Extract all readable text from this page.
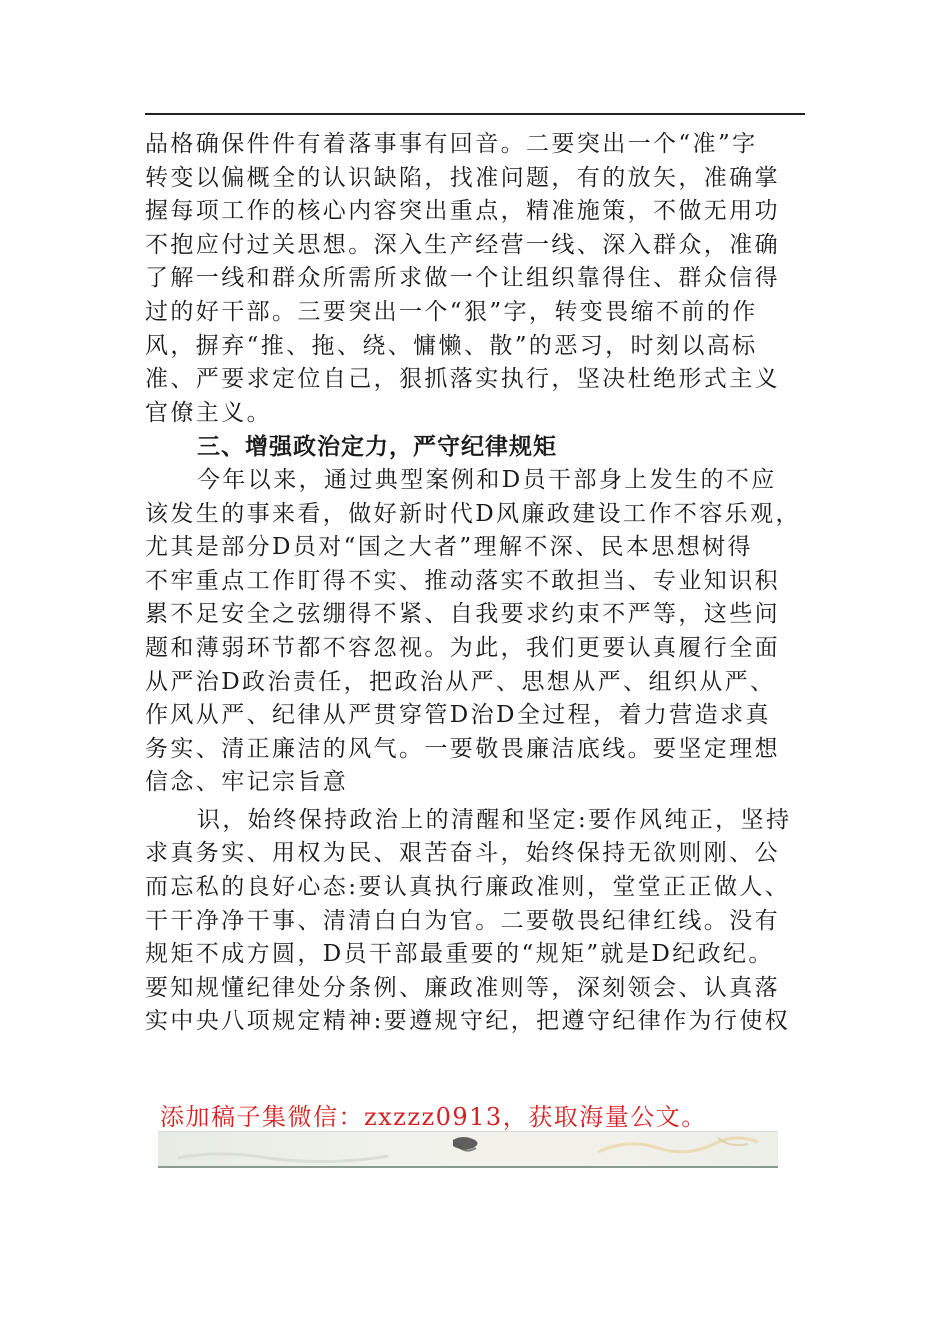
品格确保件件有着落事事有回音。二要突出一个“准”字
转变以偏概全的认识缺陷，找准问题，有的放矢，准确掌
握每项工作的核心内容突出重点，精准施策，不做无用功
不抱应付过关思想。深入生产经营一线、深入群众，准确
了解一线和群众所需所求做一个让组织靠得住、群众信得
过的好干部。三要突出一个“狠”字，转变畏缩不前的作
风，摒弃“推、拖、绕、慵懒、散”的恶习，时刻以高标
准、严要求定位自己，狠抓落实执行，坚决杜绝形式主义
官僚主义。
三、增强政治定力，严守纪律规矩
今年以来，通过典型案例和D员干部身上发生的不应
该发生的事来看，做好新时代D风廉政建设工作不容乐观，
尤其是部分D员对“国之大者”理解不深、民本思想树得
不牢重点工作盯得不实、推动落实不敢担当、专业知识积
累不足安全之弦绷得不紧、自我要求约束不严等，这些问
题和薄弱环节都不容忽视。为此，我们更要认真履行全面
从严治D政治责任，把政治从严、思想从严、组织从严、
作风从严、纪律从严贯穿管D治D全过程，着力营造求真
务实、清正廉洁的风气。一要敬畏廉洁底线。要坚定理想
信念、牢记宗旨意
识，始终保持政治上的清醒和坚定:要作风纯正，坚持
求真务实、用权为民、艰苦奋斗，始终保持无欲则刚、公
而忘私的良好心态:要认真执行廉政准则，堂堂正正做人、
干干净净干事、清清白白为官。二要敬畏纪律红线。没有
规矩不成方圆，D员干部最重要的“规矩”就是D纪政纪。
要知规懂纪律处分条例、廉政准则等，深刻领会、认真落
实中央八项规定精神:要遵规守纪，把遵守纪律作为行使权
添加稿子集微信：zxzzz0913，获取海量公文。
